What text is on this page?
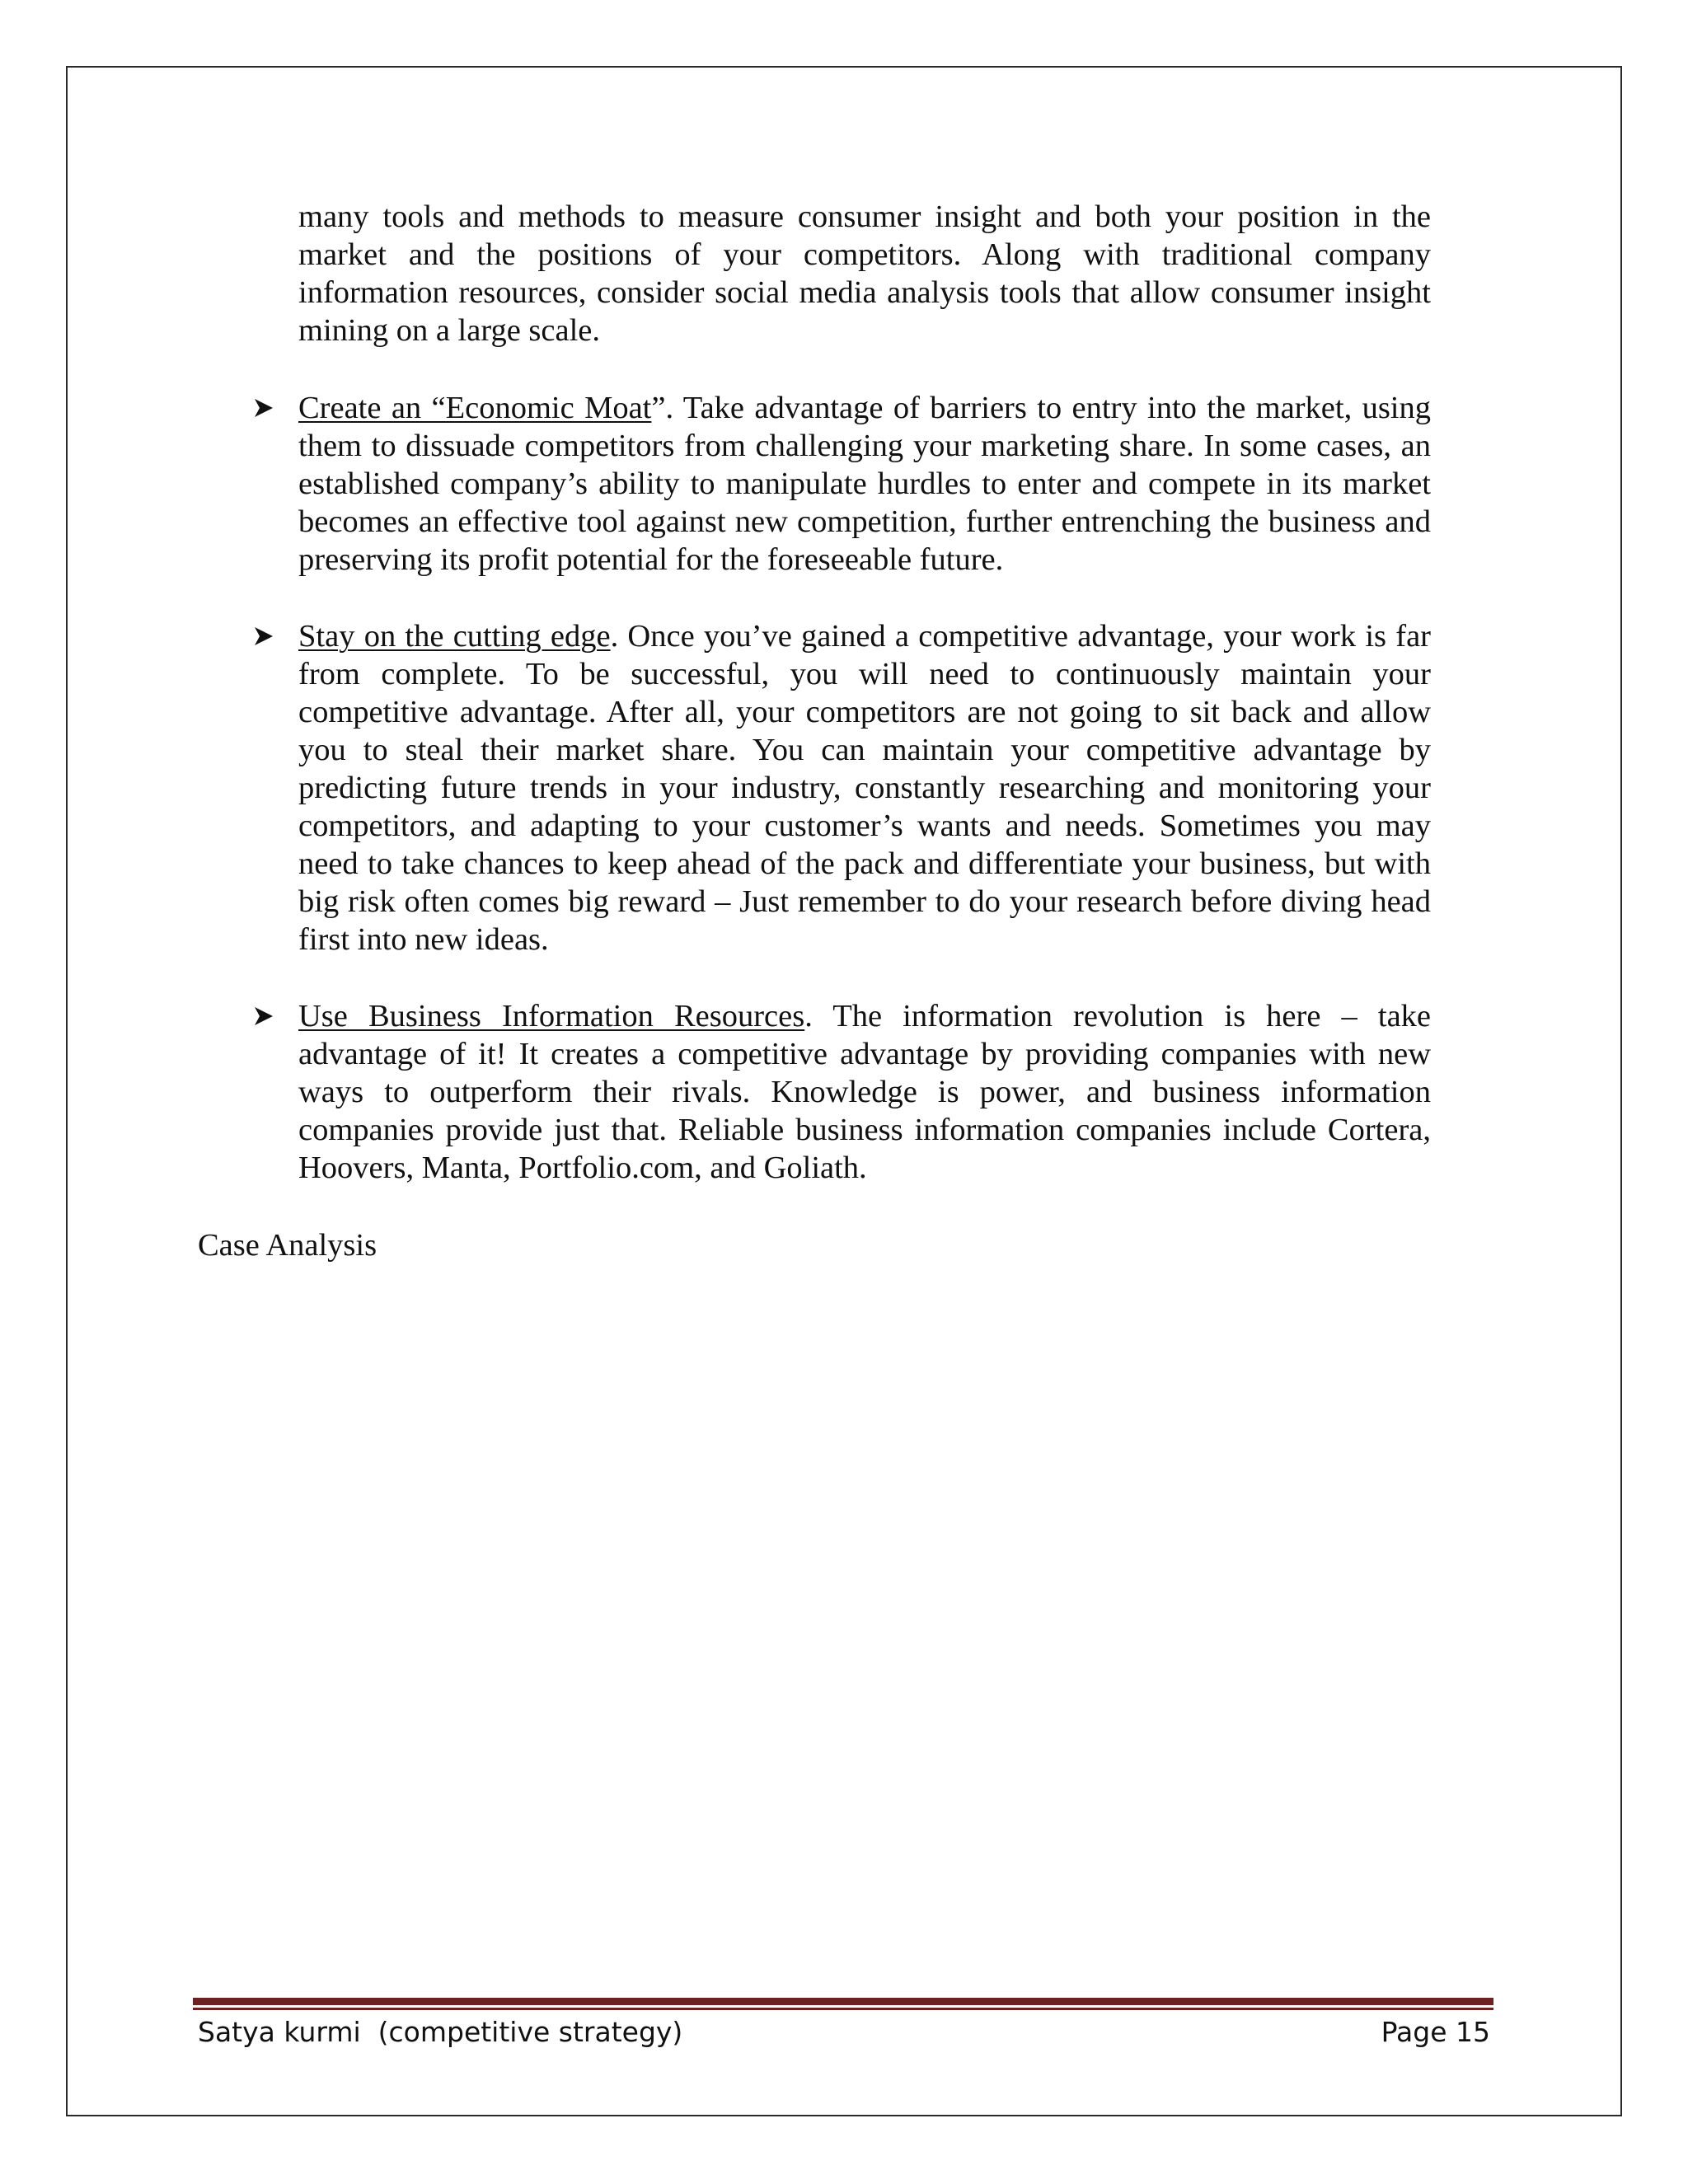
many tools and methods to measure consumer insight and both your position in the market and the positions of your competitors. Along with traditional company information resources, consider social media analysis tools that allow consumer insight mining on a large scale.

Create an “Economic Moat”. Take advantage of barriers to entry into the market, using them to dissuade competitors from challenging your marketing share. In some cases, an established company’s ability to manipulate hurdles to enter and compete in its market becomes an effective tool against new competition, further entrenching the business and preserving its profit potential for the foreseeable future.

Stay on the cutting edge. Once you’ve gained a competitive advantage, your work is far from complete. To be successful, you will need to continuously maintain your competitive advantage. After all, your competitors are not going to sit back and allow you to steal their market share. You can maintain your competitive advantage by predicting future trends in your industry, constantly researching and monitoring your competitors, and adapting to your customer’s wants and needs. Sometimes you may need to take chances to keep ahead of the pack and differentiate your business, but with big risk often comes big reward – Just remember to do your research before diving head first into new ideas.

Use Business Information Resources. The information revolution is here – take advantage of it! It creates a competitive advantage by providing companies with new ways to outperform their rivals. Knowledge is power, and business information companies provide just that. Reliable business information companies include Cortera, Hoovers, Manta, Portfolio.com, and Goliath.

Case Analysis

Satya kurmi  (competitive strategy)	Page 15
